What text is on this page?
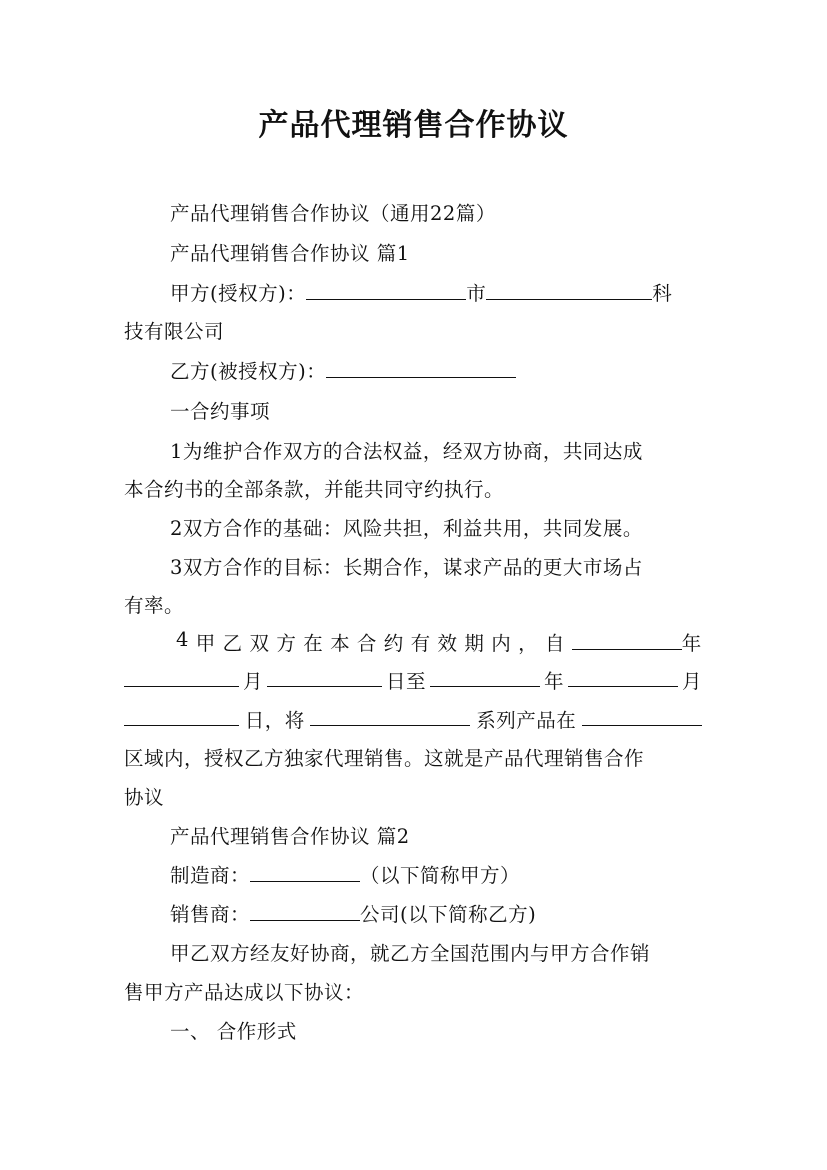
产品代理销售合作协议
产品代理销售合作协议（通用22篇）
产品代理销售合作协议 篇1
甲方(授权方)：	市	科
技有限公司
乙方(被授权方)：
一合约事项
1为维护合作双方的合法权益，经双方协商，共同达成
本合约书的全部条款，并能共同守约执行。
2双方合作的基础：风险共担，利益共用，共同发展。
3双方合作的目标：长期合作，谋求产品的更大市场占
有率。
4 甲 乙 双 方 在 本 合 约 有 效 期 内 ， 自	年
月	日至	年	月
日，将	系列产品在
区域内，授权乙方独家代理销售。这就是产品代理销售合作
协议
产品代理销售合作协议 篇2
制造商：	（以下简称甲方）
销售商：	公司(以下简称乙方)
甲乙双方经友好协商，就乙方全国范围内与甲方合作销
售甲方产品达成以下协议：
一、 合作形式
